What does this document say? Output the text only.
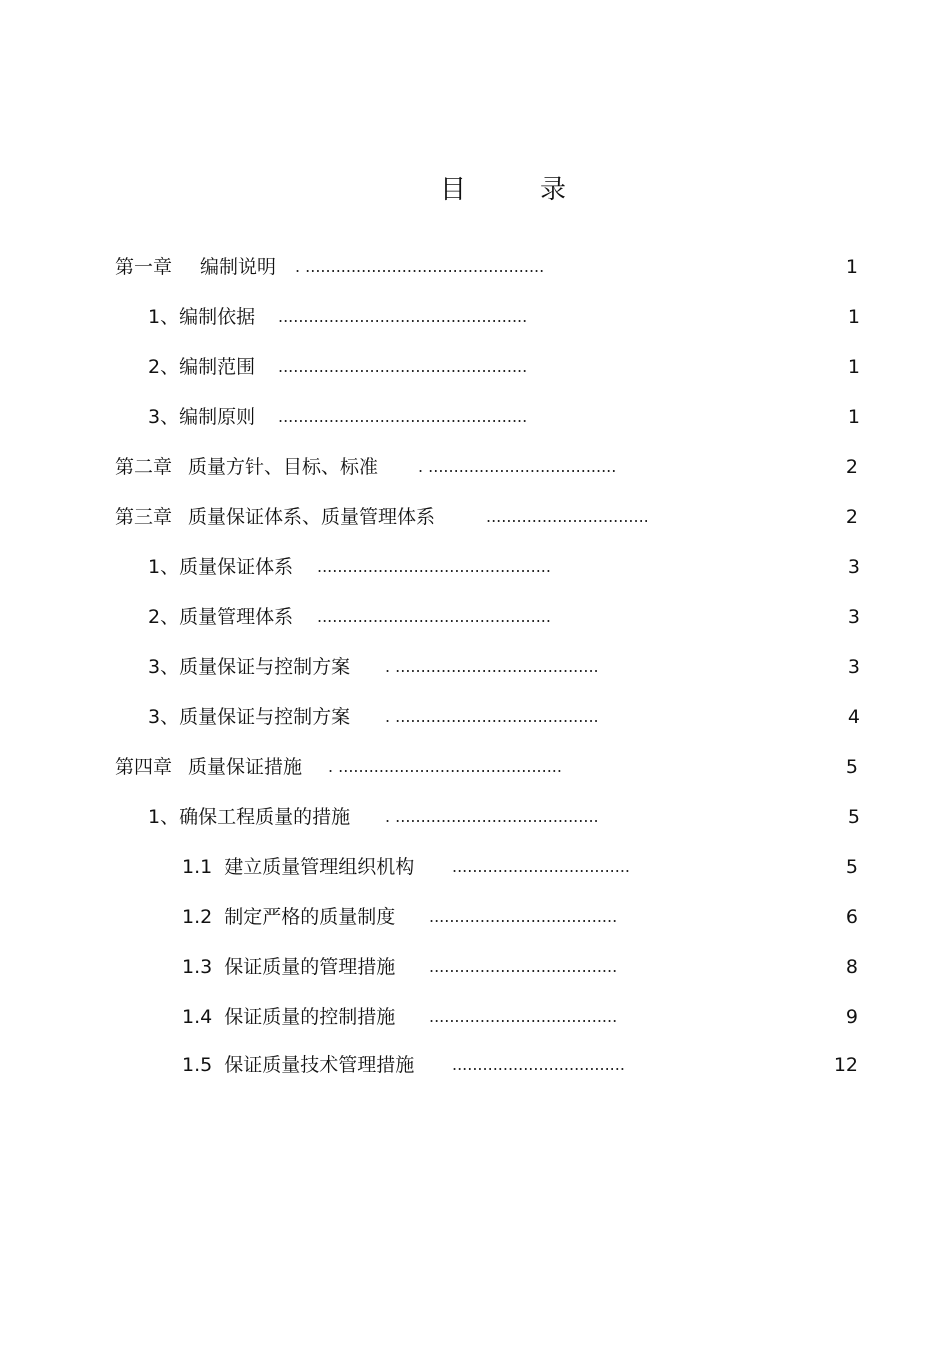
目	录
第一章 编制说明 . ...............................................	1
1、编制依据 .................................................	1
2、编制范围 .................................................	1
3、编制原则 .................................................	1
第二章 质量方针、目标、标准 . .....................................	2
第三章 质量保证体系、质量管理体系	................................	2
1、质量保证体系 ..............................................	3
2、质量管理体系 ..............................................	3
3、质量保证与控制方案 . ........................................	3
3、质量保证与控制方案 . ........................................	4
第四章 质量保证措施 . ............................................	5
1、确保工程质量的措施 . ........................................	5
1.1 建立质量管理组织机构 ...................................	5
1.2 制定严格的质量制度 .....................................	6
1.3 保证质量的管理措施 .....................................	8
1.4 保证质量的控制措施 .....................................	9
1.5 保证质量技术管理措施 ..................................	12
